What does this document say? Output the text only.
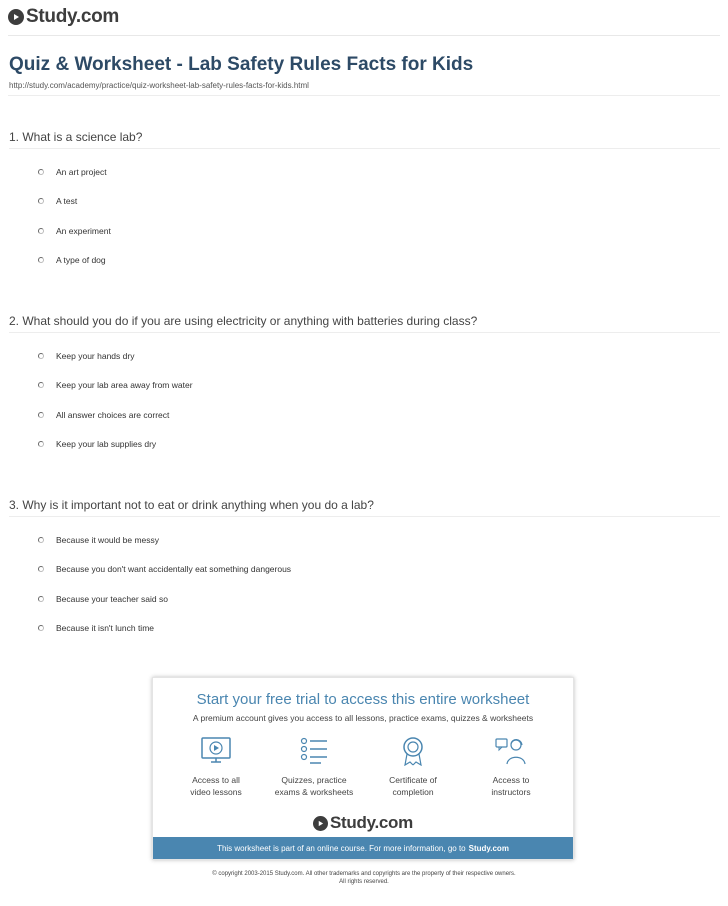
Study.com
Quiz & Worksheet - Lab Safety Rules Facts for Kids
http://study.com/academy/practice/quiz-worksheet-lab-safety-rules-facts-for-kids.html
1. What is a science lab?
An art project
A test
An experiment
A type of dog
2. What should you do if you are using electricity or anything with batteries during class?
Keep your hands dry
Keep your lab area away from water
All answer choices are correct
Keep your lab supplies dry
3. Why is it important not to eat or drink anything when you do a lab?
Because it would be messy
Because you don't want accidentally eat something dangerous
Because your teacher said so
Because it isn't lunch time
Start your free trial to access this entire worksheet
A premium account gives you access to all lessons, practice exams, quizzes & worksheets
Access to all
video lessons
Quizzes, practice
exams & worksheets
Certificate of
completion
Access to
instructors
Study.com
This worksheet is part of an online course. For more information, go to Study.com
© copyright 2003-2015 Study.com. All other trademarks and copyrights are the property of their respective owners.
All rights reserved.
